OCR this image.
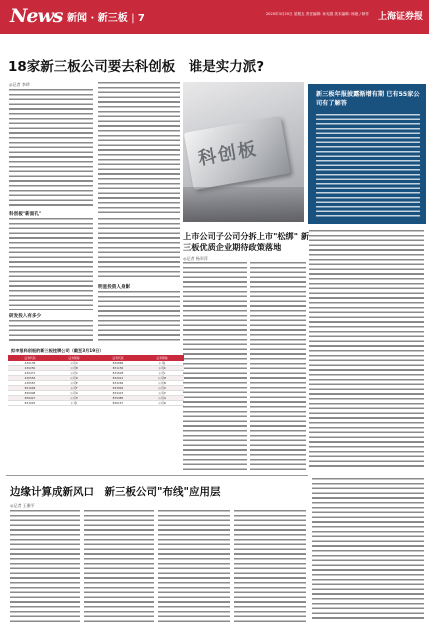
News 新闻 · 新三板 | 7	2020年3月20日 星期五 责任编辑: 孙宪超 美术编辑: 杨艳 / 制作 上海证券报
18家新三板公司要去科创板　谁是实力派?
◎记者 李珍
科创板"新面孔"
研发投入有多少
明星投资人身影
科创板
新三板年报披露渐增有期 已有55家公司有了解答
上市公司子公司分拆上市"松绑" 新三板优质企业期待政策落地
◎记者 杨翠萍
拟申报科创板的新三板挂牌公司（截至3月19日）
证券代码	证券简称	证券代码	证券简称
430138	公司A	830866	公司J
430250	公司B	831156	公司K
430471	公司C	831628	公司L
430556	公司D	832021	公司M
430587	公司E	833284	公司N
831048	公司F	833994	公司O
830908	公司G	834415	公司P
830927	公司H	835985	公司Q
831025	公司I	836157	公司R
边缘计算成新风口　新三板公司"布线"应用层
◎记者 王雅平
